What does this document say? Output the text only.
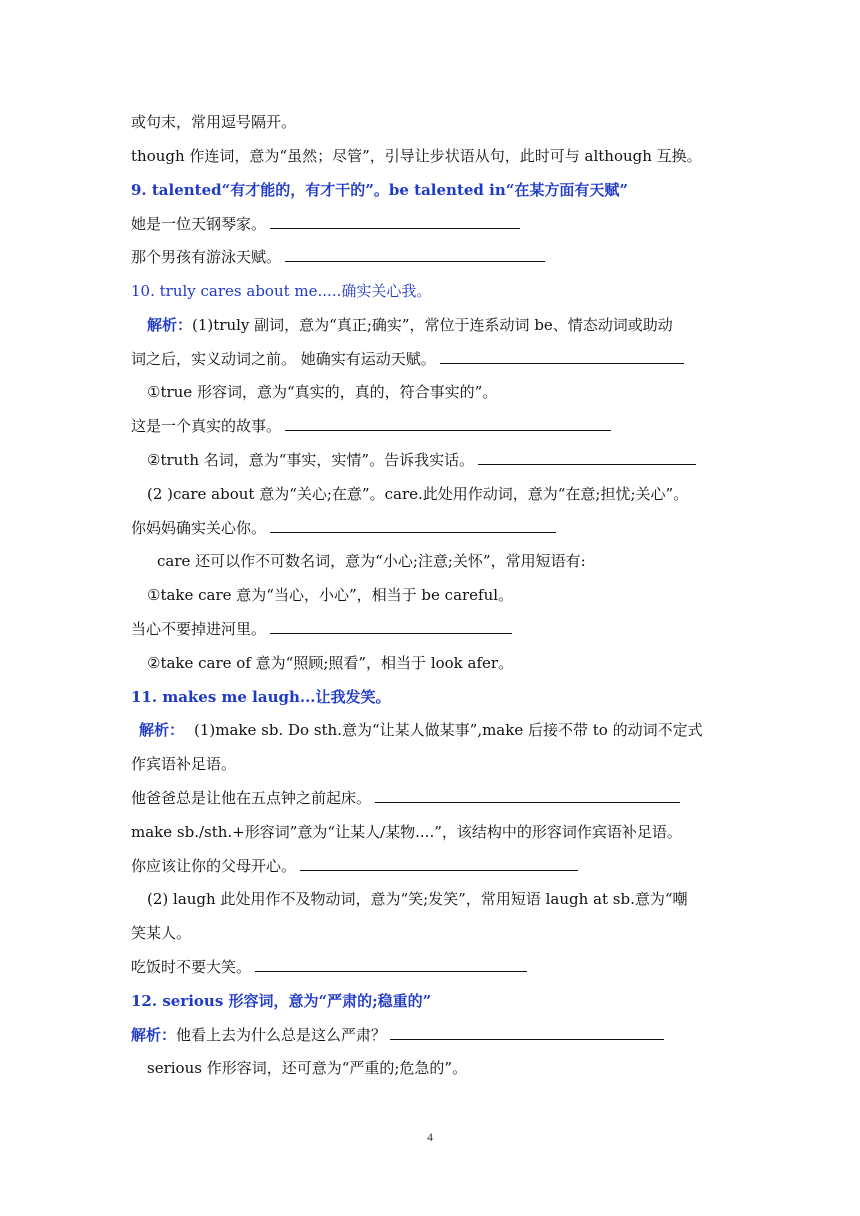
或句末，常用逗号隔开。
though 作连词，意为“虽然；尽管”，引导让步状语从句，此时可与 although 互换。
9. talented“有才能的，有才干的”。be talented in“在某方面有天赋”
她是一位天钢琴家。
那个男孩有游泳天赋。
10. truly cares about me.....确实关心我。
解析：(1)truly 副词，意为“真正;确实”，常位于连系动词 be、情态动词或助动
词之后，实义动词之前。 她确实有运动天赋。
①true 形容词，意为“真实的，真的，符合事实的”。
这是一个真实的故事。
②truth 名词，意为“事实，实情”。告诉我实话。
(2 )care about 意为“关心;在意”。care.此处用作动词，意为“在意;担忧;关心”。
你妈妈确实关心你。
care 还可以作不可数名词，意为“小心;注意;关怀”，常用短语有:
①take care 意为“当心，小心”，相当于 be careful。
当心不要掉进河里。
②take care of 意为“照顾;照看”，相当于 look afer。
11. makes me laugh...让我发笑。
解析： (1)make sb. Do sth.意为“让某人做某事”,make 后接不带 to 的动词不定式
作宾语补足语。
他爸爸总是让他在五点钟之前起床。
make sb./sth.+形容词”意为“让某人/某物....”，该结构中的形容词作宾语补足语。
你应该让你的父母开心。
(2) laugh 此处用作不及物动词，意为“笑;发笑”，常用短语 laugh at sb.意为“嘲
笑某人。
吃饭时不要大笑。
12. serious 形容词，意为“严肃的;稳重的”
解析：他看上去为什么总是这么严肃？
serious 作形容词，还可意为“严重的;危急的”。
4
